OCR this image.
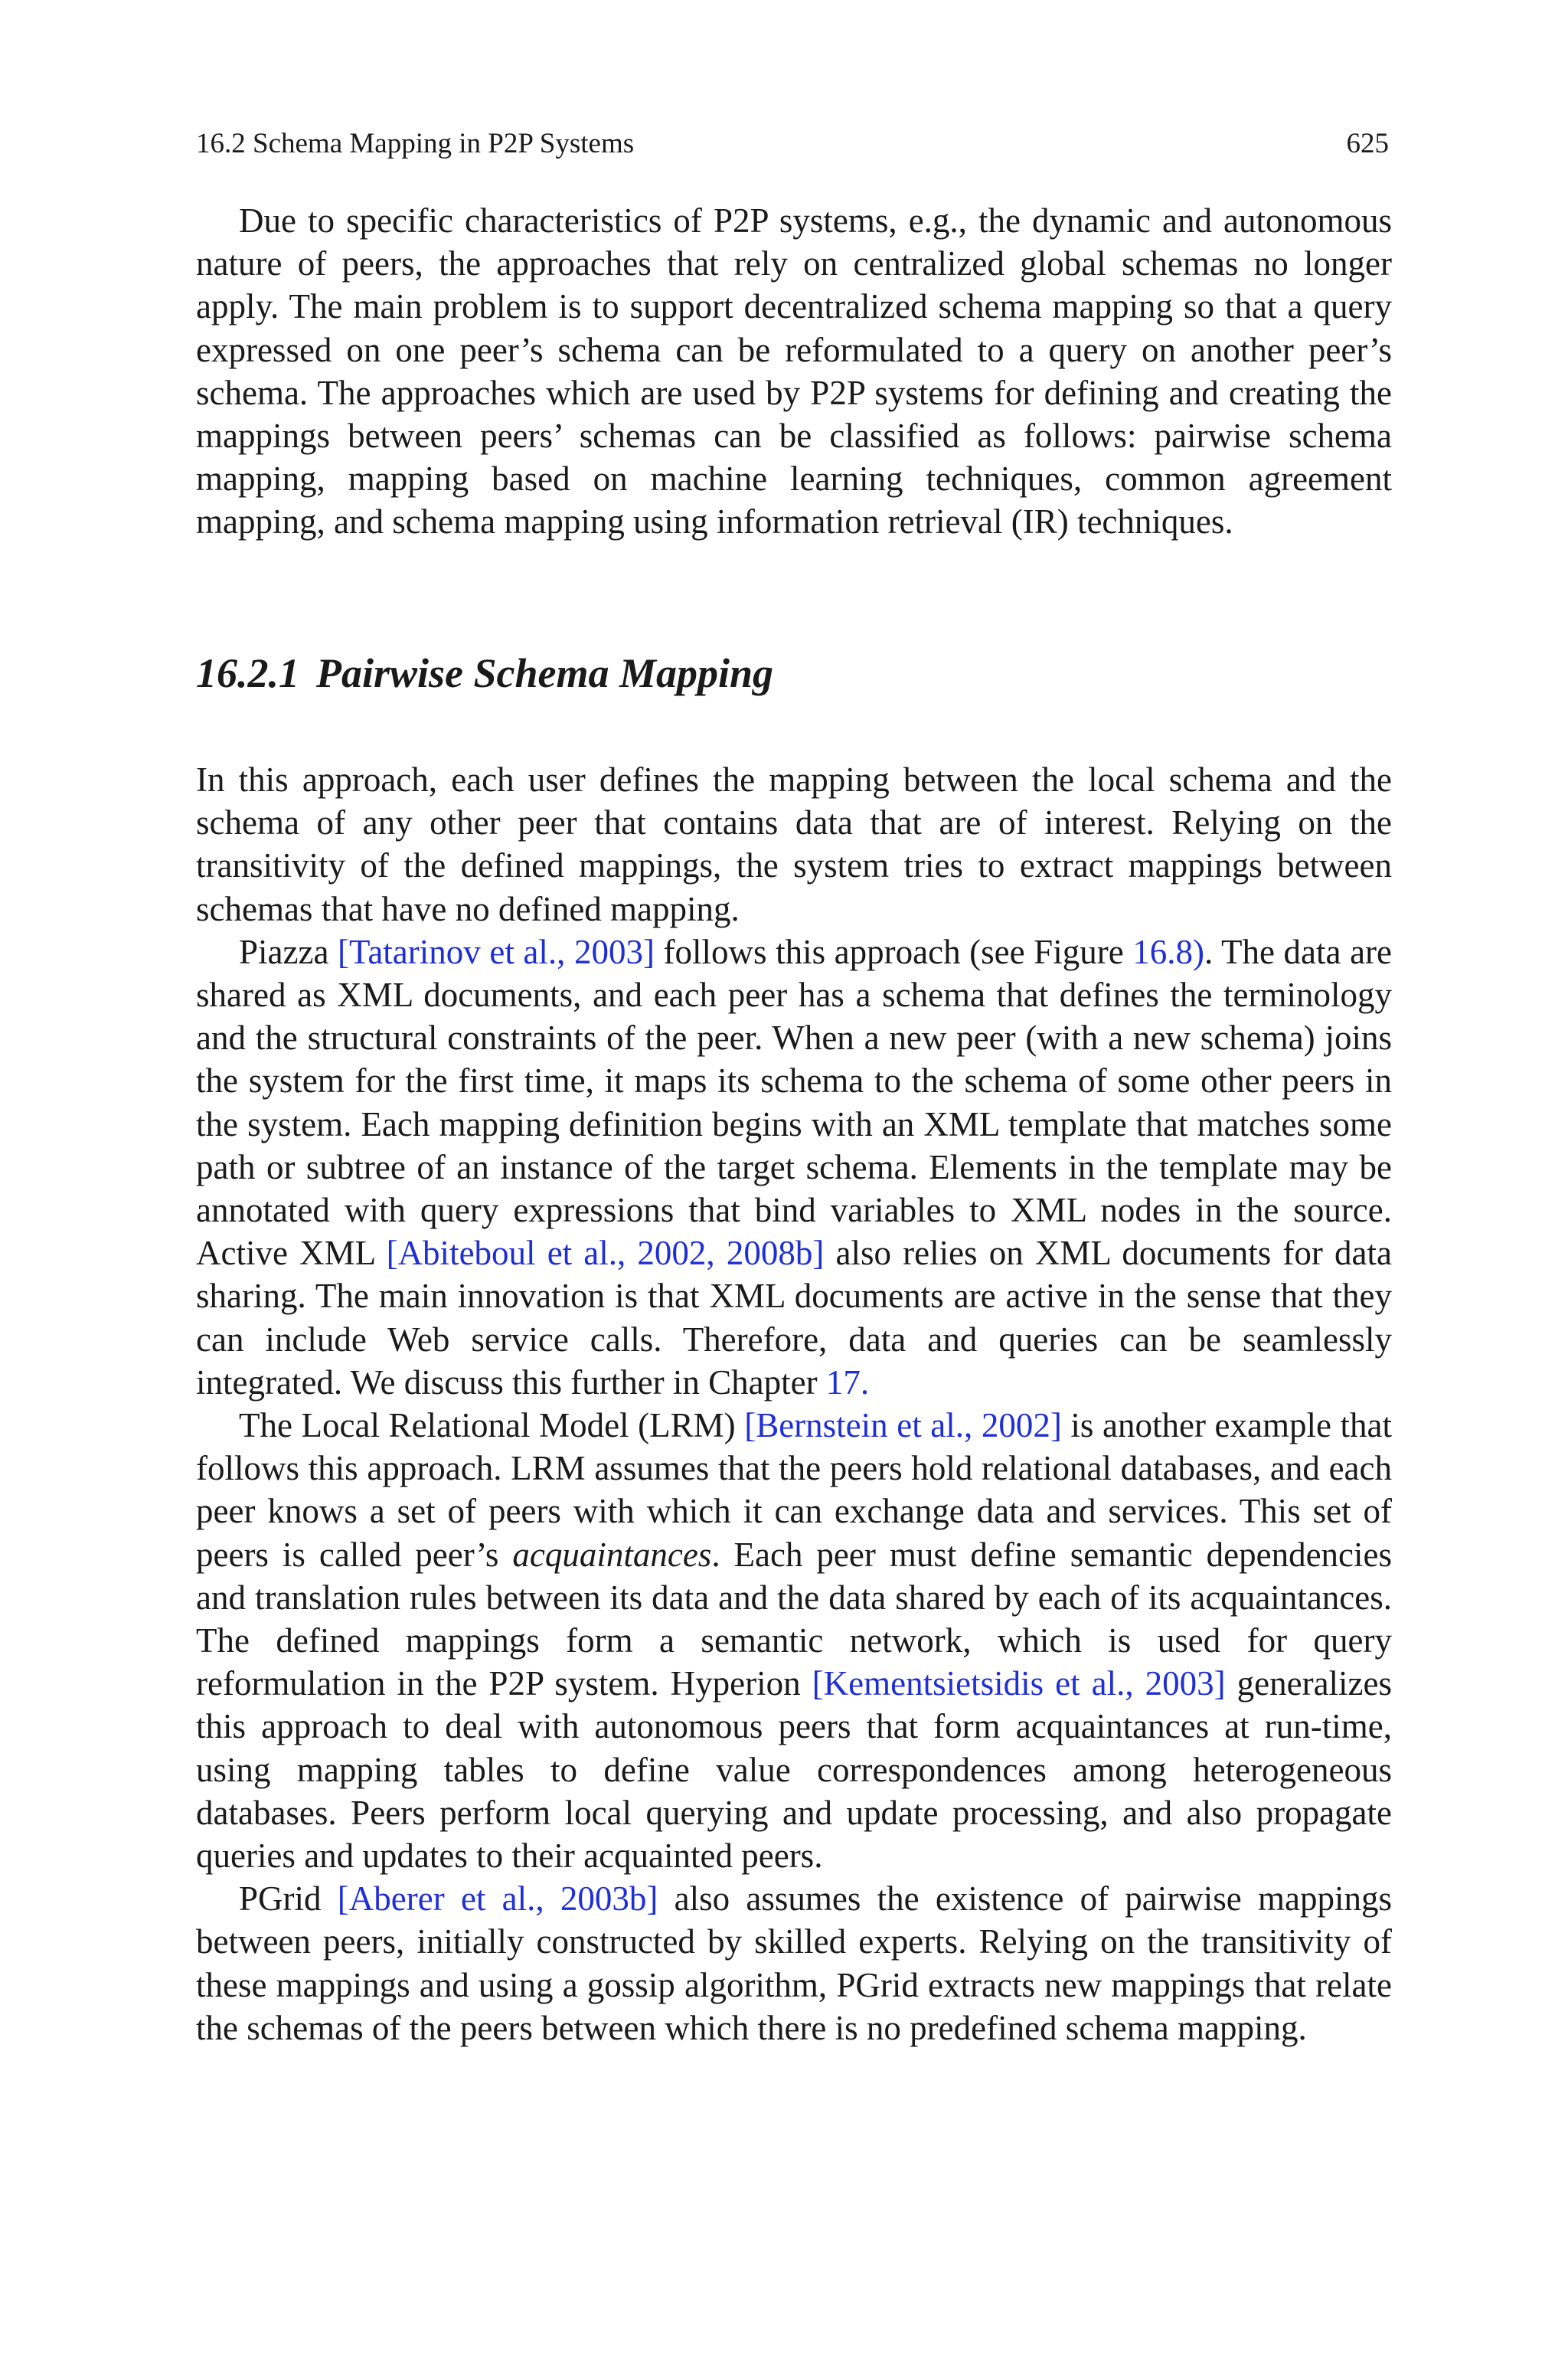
16.2 Schema Mapping in P2P Systems	625

Due to specific characteristics of P2P systems, e.g., the dynamic and autonomous nature of peers, the approaches that rely on centralized global schemas no longer apply. The main problem is to support decentralized schema mapping so that a query expressed on one peer’s schema can be reformulated to a query on another peer’s schema. The approaches which are used by P2P systems for defining and creating the mappings between peers’ schemas can be classified as follows: pairwise schema mapping, mapping based on machine learning techniques, common agreement mapping, and schema mapping using information retrieval (IR) techniques.

16.2.1 Pairwise Schema Mapping

In this approach, each user defines the mapping between the local schema and the schema of any other peer that contains data that are of interest. Relying on the transitivity of the defined mappings, the system tries to extract mappings between schemas that have no defined mapping.

Piazza [Tatarinov et al., 2003] follows this approach (see Figure 16.8). The data are shared as XML documents, and each peer has a schema that defines the terminology and the structural constraints of the peer. When a new peer (with a new schema) joins the system for the first time, it maps its schema to the schema of some other peers in the system. Each mapping definition begins with an XML template that matches some path or subtree of an instance of the target schema. Elements in the template may be annotated with query expressions that bind variables to XML nodes in the source. Active XML [Abiteboul et al., 2002, 2008b] also relies on XML documents for data sharing. The main innovation is that XML documents are active in the sense that they can include Web service calls. Therefore, data and queries can be seamlessly integrated. We discuss this further in Chapter 17.

The Local Relational Model (LRM) [Bernstein et al., 2002] is another example that follows this approach. LRM assumes that the peers hold relational databases, and each peer knows a set of peers with which it can exchange data and services. This set of peers is called peer’s acquaintances. Each peer must define semantic dependencies and translation rules between its data and the data shared by each of its acquaintances. The defined mappings form a semantic network, which is used for query reformulation in the P2P system. Hyperion [Kementsietsidis et al., 2003] generalizes this approach to deal with autonomous peers that form acquaintances at run-time, using mapping tables to define value correspondences among heterogeneous databases. Peers perform local querying and update processing, and also propagate queries and updates to their acquainted peers.

PGrid [Aberer et al., 2003b] also assumes the existence of pairwise mappings between peers, initially constructed by skilled experts. Relying on the transitivity of these mappings and using a gossip algorithm, PGrid extracts new mappings that relate the schemas of the peers between which there is no predefined schema mapping.
